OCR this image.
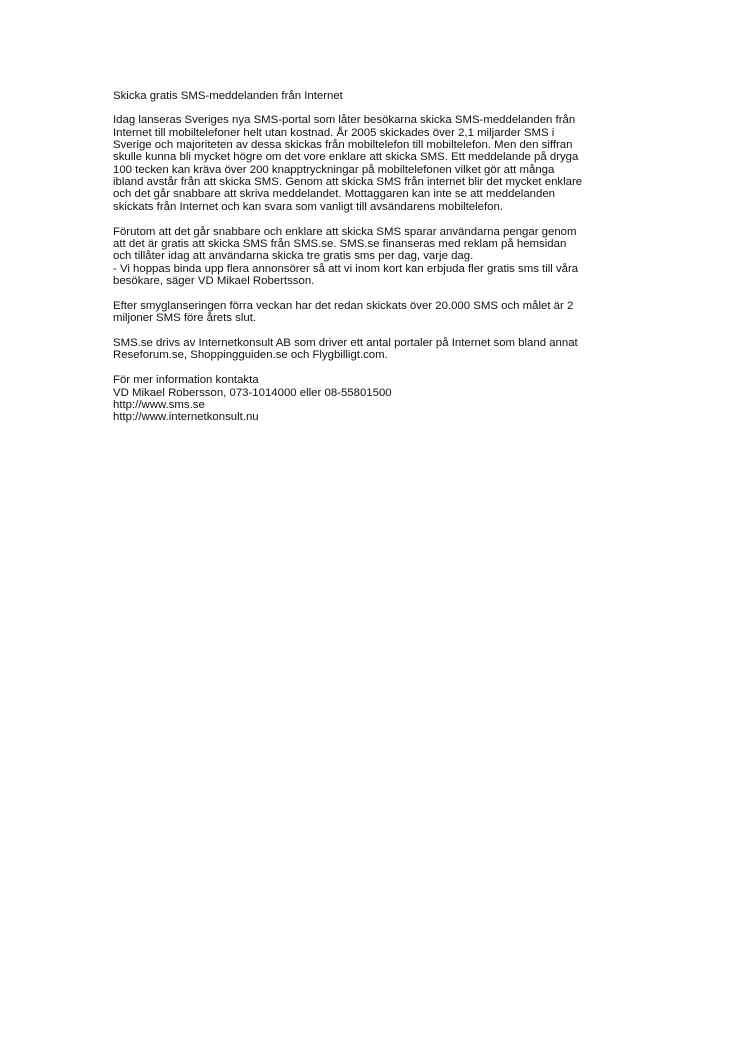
Skicka gratis SMS-meddelanden från Internet

Idag lanseras Sveriges nya SMS-portal som låter besökarna skicka SMS-meddelanden från
Internet till mobiltelefoner helt utan kostnad. År 2005 skickades över 2,1 miljarder SMS i
Sverige och majoriteten av dessa skickas från mobiltelefon till mobiltelefon. Men den siffran
skulle kunna bli mycket högre om det vore enklare att skicka SMS. Ett meddelande på dryga
100 tecken kan kräva över 200 knapptryckningar på mobiltelefonen vilket gör att många
ibland avstår från att skicka SMS. Genom att skicka SMS från internet blir det mycket enklare
och det går snabbare att skriva meddelandet. Mottaggaren kan inte se att meddelanden
skickats från Internet och kan svara som vanligt till avsändarens mobiltelefon.
Förutom att det går snabbare och enklare att skicka SMS sparar användarna pengar genom
att det är gratis att skicka SMS från SMS.se. SMS.se finanseras med reklam på hemsidan
och tillåter idag att användarna skicka tre gratis sms per dag, varje dag.
- Vi hoppas binda upp flera annonsörer så att vi inom kort kan erbjuda fler gratis sms till våra
besökare, säger VD Mikael Robertsson.
Efter smyglanseringen förra veckan har det redan skickats över 20.000 SMS och målet är 2
miljoner SMS före årets slut.
SMS.se drivs av Internetkonsult AB som driver ett antal portaler på Internet som bland annat
Reseforum.se, Shoppingguiden.se och Flygbilligt.com.
För mer information kontakta
VD Mikael Robersson, 073-1014000 eller 08-55801500
http://www.sms.se
http://www.internetkonsult.nu
